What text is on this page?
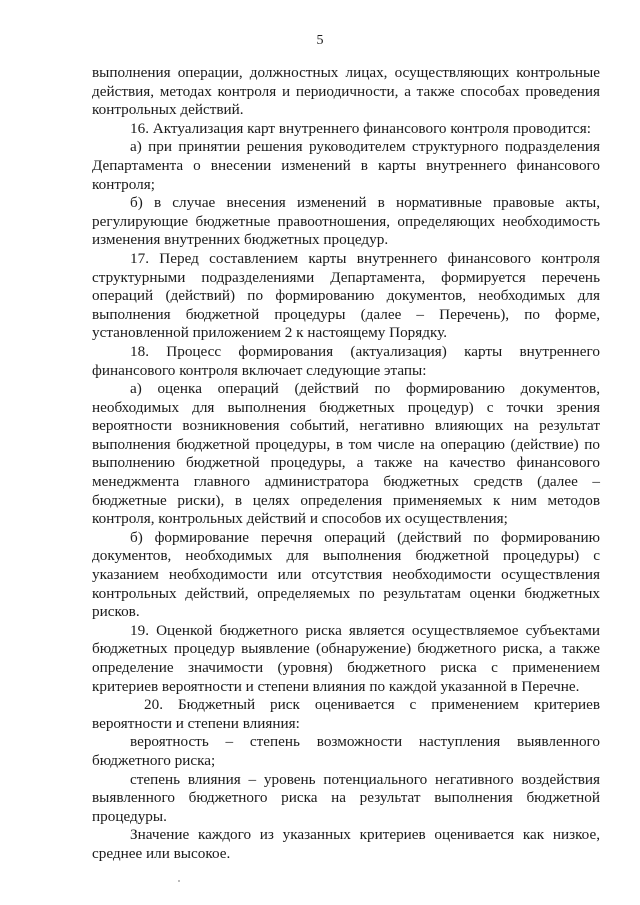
5

выполнения операции, должностных лицах, осуществляющих контрольные действия, методах контроля и периодичности, а также способах проведения контрольных действий.

16. Актуализация карт внутреннего финансового контроля проводится:

а) при принятии решения руководителем структурного подразделения Департамента о внесении изменений в карты внутреннего финансового контроля;

б) в случае внесения изменений в нормативные правовые акты, регулирующие бюджетные правоотношения, определяющих необходимость изменения внутренних бюджетных процедур.

17. Перед составлением карты внутреннего финансового контроля структурными подразделениями Департамента, формируется перечень операций (действий) по формированию документов, необходимых для выполнения бюджетной процедуры (далее – Перечень), по форме, установленной приложением 2 к настоящему Порядку.

18. Процесс формирования (актуализация) карты внутреннего финансового контроля включает следующие этапы:

а) оценка операций (действий по формированию документов, необходимых для выполнения бюджетных процедур) с точки зрения вероятности возникновения событий, негативно влияющих на результат выполнения бюджетной процедуры, в том числе на операцию (действие) по выполнению бюджетной процедуры, а также на качество финансового менеджмента главного администратора бюджетных средств (далее – бюджетные риски), в целях определения применяемых к ним методов контроля, контрольных действий и способов их осуществления;

б) формирование перечня операций (действий по формированию документов, необходимых для выполнения бюджетной процедуры) с указанием необходимости или отсутствия необходимости осуществления контрольных действий, определяемых по результатам оценки бюджетных рисков.

19. Оценкой бюджетного риска является осуществляемое субъектами бюджетных процедур выявление (обнаружение) бюджетного риска, а также определение значимости (уровня) бюджетного риска с применением критериев вероятности и степени влияния по каждой указанной в Перечне.

20. Бюджетный риск оценивается с применением критериев вероятности и степени влияния:

вероятность – степень возможности наступления выявленного бюджетного риска;

степень влияния – уровень потенциального негативного воздействия выявленного бюджетного риска на результат выполнения бюджетной процедуры.

Значение каждого из указанных критериев оценивается как низкое, среднее или высокое.
